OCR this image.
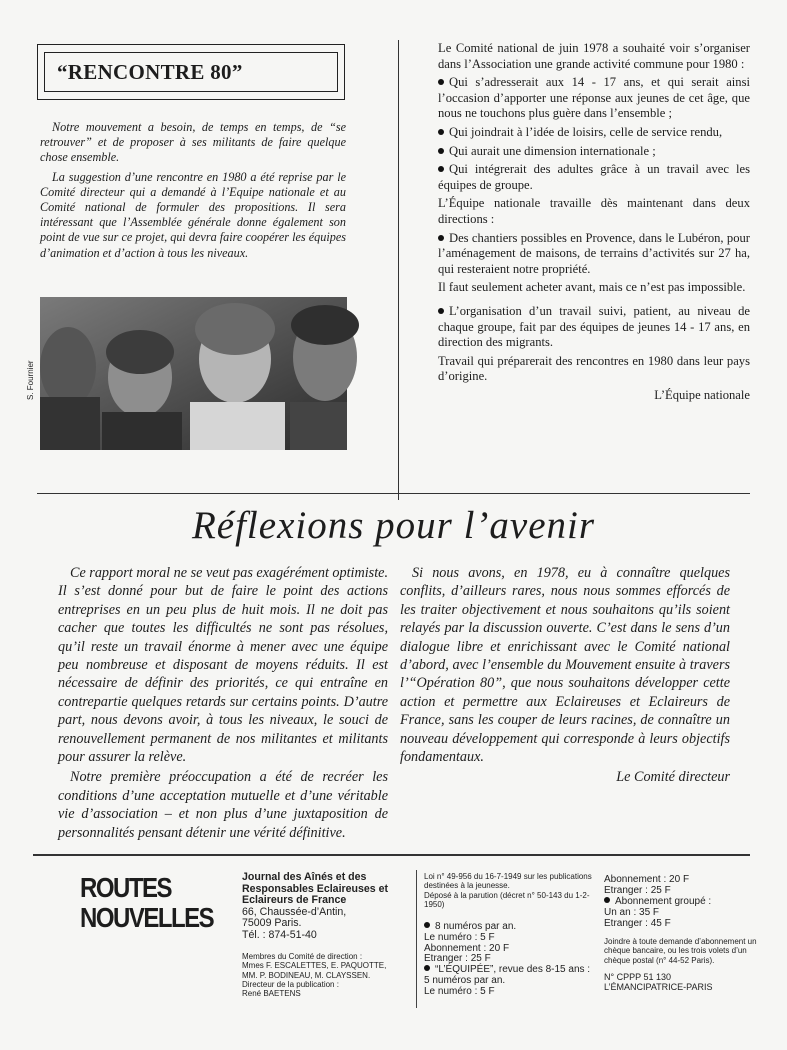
“RENCONTRE 80”

Notre mouvement a besoin, de temps en temps, de “se retrouver” et de proposer à ses militants de faire quelque chose ensemble.

La suggestion d’une rencontre en 1980 a été reprise par le Comité directeur qui a demandé à l’Equipe nationale et au Comité national de formuler des propositions. Il sera intéressant que l’Assemblée générale donne également son point de vue sur ce projet, qui devra faire coopérer les équipes d’animation et d’action à tous les niveaux.

S. Fournier

Le Comité national de juin 1978 a souhaité voir s’organiser dans l’Association une grande activité commune pour 1980 :

Qui s’adresserait aux 14 - 17 ans, et qui serait ainsi l’occasion d’apporter une réponse aux jeunes de cet âge, que nous ne touchons plus guère dans l’ensemble ;

Qui joindrait à l’idée de loisirs, celle de service rendu,

Qui aurait une dimension internationale ;

Qui intégrerait des adultes grâce à un travail avec les équipes de groupe.

L’Équipe nationale travaille dès maintenant dans deux directions :

Des chantiers possibles en Provence, dans le Lubéron, pour l’aménagement de maisons, de terrains d’activités sur 27 ha, qui resteraient notre propriété.

Il faut seulement acheter avant, mais ce n’est pas impossible.

L’organisation d’un travail suivi, patient, au niveau de chaque groupe, fait par des équipes de jeunes 14 - 17 ans, en direction des migrants.

Travail qui préparerait des rencontres en 1980 dans leur pays d’origine.

L’Équipe nationale

Réflexions pour l’avenir

Ce rapport moral ne se veut pas exagérément optimiste. Il s’est donné pour but de faire le point des actions entreprises en un peu plus de huit mois. Il ne doit pas cacher que toutes les difficultés ne sont pas résolues, qu’il reste un travail énorme à mener avec une équipe peu nombreuse et disposant de moyens réduits. Il est nécessaire de définir des priorités, ce qui entraîne en contrepartie quelques retards sur certains points. D’autre part, nous devons avoir, à tous les niveaux, le souci de renouvellement permanent de nos militantes et militants pour assurer la relève.

Notre première préoccupation a été de recréer les conditions d’une acceptation mutuelle et d’une véritable vie d’association – et non plus d’une juxtaposition de personnalités pensant détenir une vérité définitive.

Si nous avons, en 1978, eu à connaître quelques conflits, d’ailleurs rares, nous nous sommes efforcés de les traiter objectivement et nous souhaitons qu’ils soient relayés par la discussion ouverte. C’est dans le sens d’un dialogue libre et enrichissant avec le Comité national d’abord, avec l’ensemble du Mouvement ensuite à travers l’“Opération 80”, que nous souhaitons développer cette action et permettre aux Eclaireuses et Eclaireurs de France, sans les couper de leurs racines, de connaître un nouveau développement qui corresponde à leurs objectifs fondamentaux.

Le Comité directeur

ROUTES
NOUVELLES
Journal des Aînés et des Responsables Eclaireuses et Eclaireurs de France
66, Chaussée-d’Antin,
75009 Paris.
Tél. : 874-51-40
Membres du Comité de direction :
Mmes F. ESCALETTES, E. PAQUOTTE,
MM. P. BODINEAU, M. CLAYSSEN.
Directeur de la publication :
René BAETENS
Loi n° 49-956 du 16-7-1949 sur les publications destinées à la jeunesse.
Déposé à la parution (décret n° 50-143 du 1-2-1950)
8 numéros par an.
Le numéro : 5 F
Abonnement : 20 F
Etranger : 25 F
“L’ÉQUIPÉE”, revue des 8-15 ans : 5 numéros par an.
Le numéro : 5 F
Abonnement : 20 F
Etranger : 25 F
Abonnement groupé :
Un an : 35 F
Etranger : 45 F
Joindre à toute demande d’abonnement un chèque bancaire, ou les trois volets d’un chèque postal (n° 44-52 Paris).
N° CPPP 51 130
L’ÉMANCIPATRICE-PARIS
